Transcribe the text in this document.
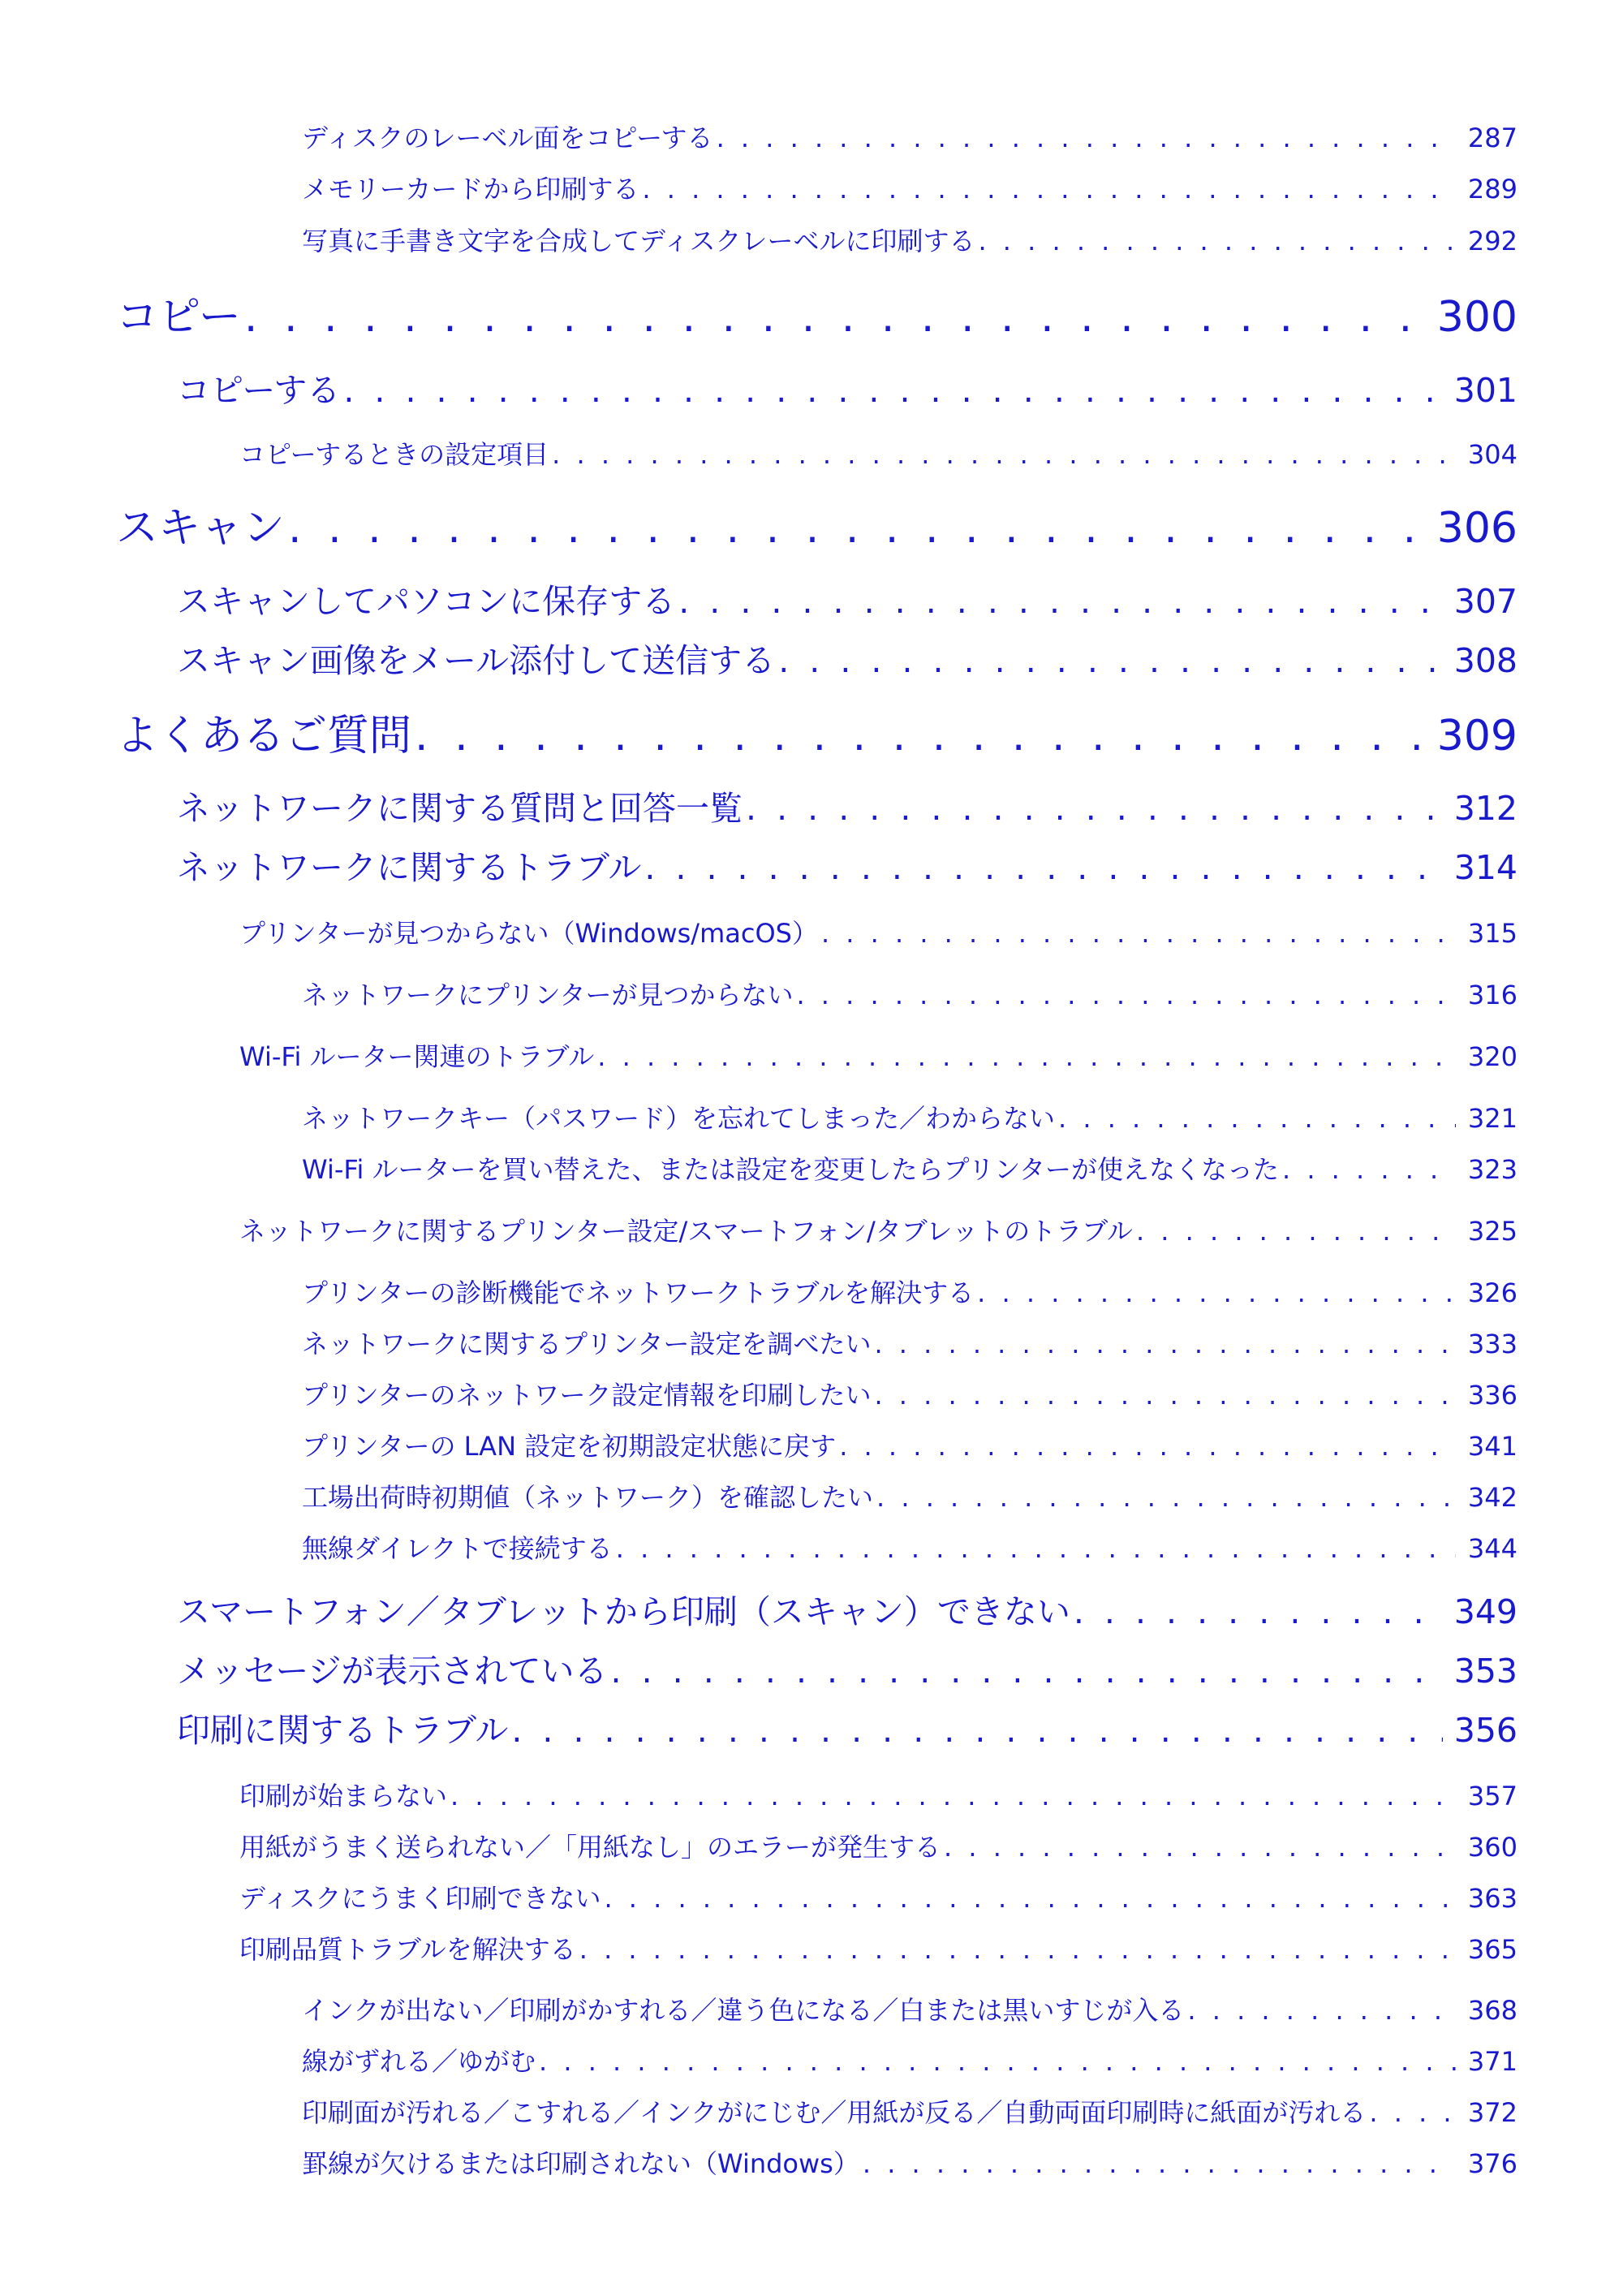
ディスクのレーベル面をコピーする . . .	287
メモリーカードから印刷する . . .	289
写真に手書き文字を合成してディスクレーベルに印刷する . . .	292
コピー . . .	300
コピーする . . .	301
コピーするときの設定項目 . . .	304
スキャン . . .	306
スキャンしてパソコンに保存する . . .	307
スキャン画像をメール添付して送信する . . .	308
よくあるご質問 . . .	309
ネットワークに関する質問と回答一覧 . . .	312
ネットワークに関するトラブル . . .	314
プリンターが見つからない（Windows/macOS） . . .	315
ネットワークにプリンターが見つからない . . .	316
Wi-Fi ルーター関連のトラブル . . .	320
ネットワークキー（パスワード）を忘れてしまった／わからない . . .	321
Wi-Fi ルーターを買い替えた、または設定を変更したらプリンターが使えなくなった . . .	323
ネットワークに関するプリンター設定/スマートフォン/タブレットのトラブル . . .	325
プリンターの診断機能でネットワークトラブルを解決する . . .	326
ネットワークに関するプリンター設定を調べたい . . .	333
プリンターのネットワーク設定情報を印刷したい . . .	336
プリンターの LAN 設定を初期設定状態に戻す . . .	341
工場出荷時初期値（ネットワーク）を確認したい . . .	342
無線ダイレクトで接続する . . .	344
スマートフォン／タブレットから印刷（スキャン）できない . . .	349
メッセージが表示されている . . .	353
印刷に関するトラブル . . .	356
印刷が始まらない . . .	357
用紙がうまく送られない／「用紙なし」のエラーが発生する . . .	360
ディスクにうまく印刷できない . . .	363
印刷品質トラブルを解決する . . .	365
インクが出ない／印刷がかすれる／違う色になる／白または黒いすじが入る . . .	368
線がずれる／ゆがむ . . .	371
印刷面が汚れる／こすれる／インクがにじむ／用紙が反る／自動両面印刷時に紙面が汚れる . . .	372
罫線が欠けるまたは印刷されない（Windows） . . .	376
